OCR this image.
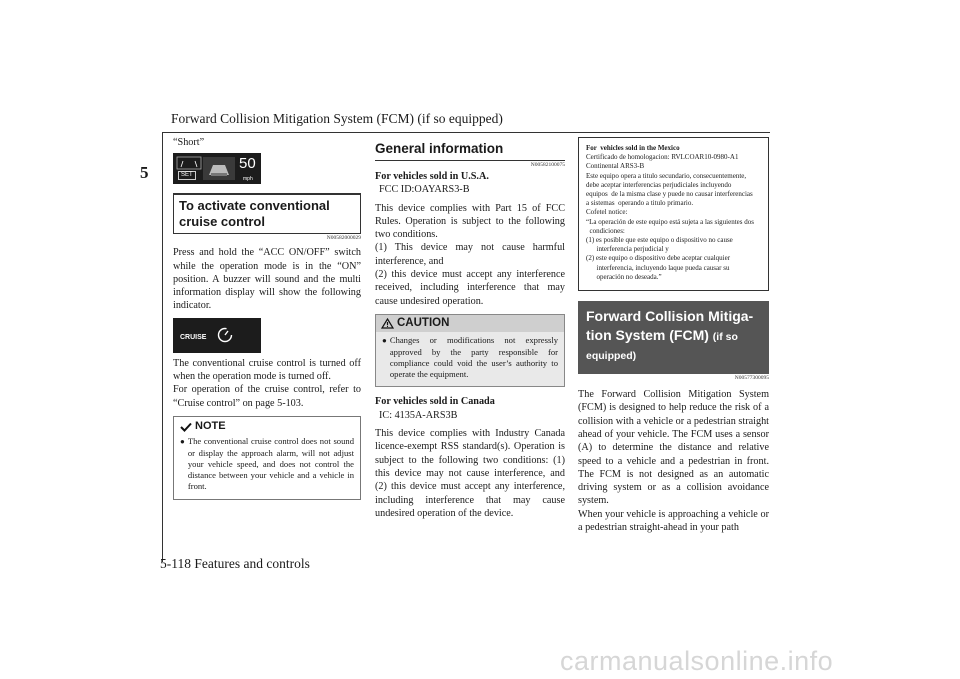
Forward Collision Mitigation System (FCM) (if so equipped)
5
“Short”
SET
50
mph
To activate conventional cruise control
N00582000029

Press and hold the “ACC ON/OFF” switch while the operation mode is in the “ON” position. A buzzer will sound and the multi information display will show the following indicator.

CRUISE

The conventional cruise control is turned off when the operation mode is turned off.

For operation of the cruise control, refer to “Cruise control” on page 5-103.

NOTE
● The conventional cruise control does not sound or display the approach alarm, will not adjust your vehicle speed, and does not control the distance between your vehicle and a vehicle in front.

General information
N00582100075
For vehicles sold in U.S.A.
FCC ID:OAYARS3-B

This device complies with Part 15 of FCC Rules. Operation is subject to the following two conditions.

(1) This device may not cause harmful interference, and

(2) this device must accept any interference received, including interference that may cause undesired operation.

CAUTION
● Changes or modifications not expressly approved by the party responsible for compliance could void the user’s authority to operate the equipment.

For vehicles sold in Canada
IC: 4135A-ARS3B

This device complies with Industry Canada licence-exempt RSS standard(s). Operation is subject to the following two conditions: (1) this device may not cause interference, and (2) this device must accept any interference, including interference that may cause undesired operation of the device.

For  vehicles sold in the Mexico
Certificado de homologacion: RVLCOAR10-0980-A1
Continental ARS3-B
Este equipo opera a titulo secundario, consecuentemente,
debe aceptar interferencias perjudiciales incluyendo
equipos  de la misma clase y puede no causar interferencias
a sistemas  operando a titulo primario.
Cofetel notice:
“La operación de este equipo está sujeta a las siguientes dos
condiciones:
(1) es posible que este equipo o dispositivo no cause
interferencia perjudicial y
(2) este equipo o dispositivo debe aceptar cualquier
interferencia, incluyendo laque pueda causar su
operación no deseada.”
Forward Collision Mitiga-
tion System (FCM) (if so
equipped)
N00577300095

The Forward Collision Mitigation System (FCM) is designed to help reduce the risk of a collision with a vehicle or a pedestrian straight ahead of your vehicle. The FCM uses a sensor (A) to determine the distance and relative speed to a vehicle and a pedestrian in front. The FCM is not designed as an automatic driving system or as a collision avoidance system.

When your vehicle is approaching a vehicle or a pedestrian straight-ahead in your path

5-118 Features and controls
carmanualsonline.info
